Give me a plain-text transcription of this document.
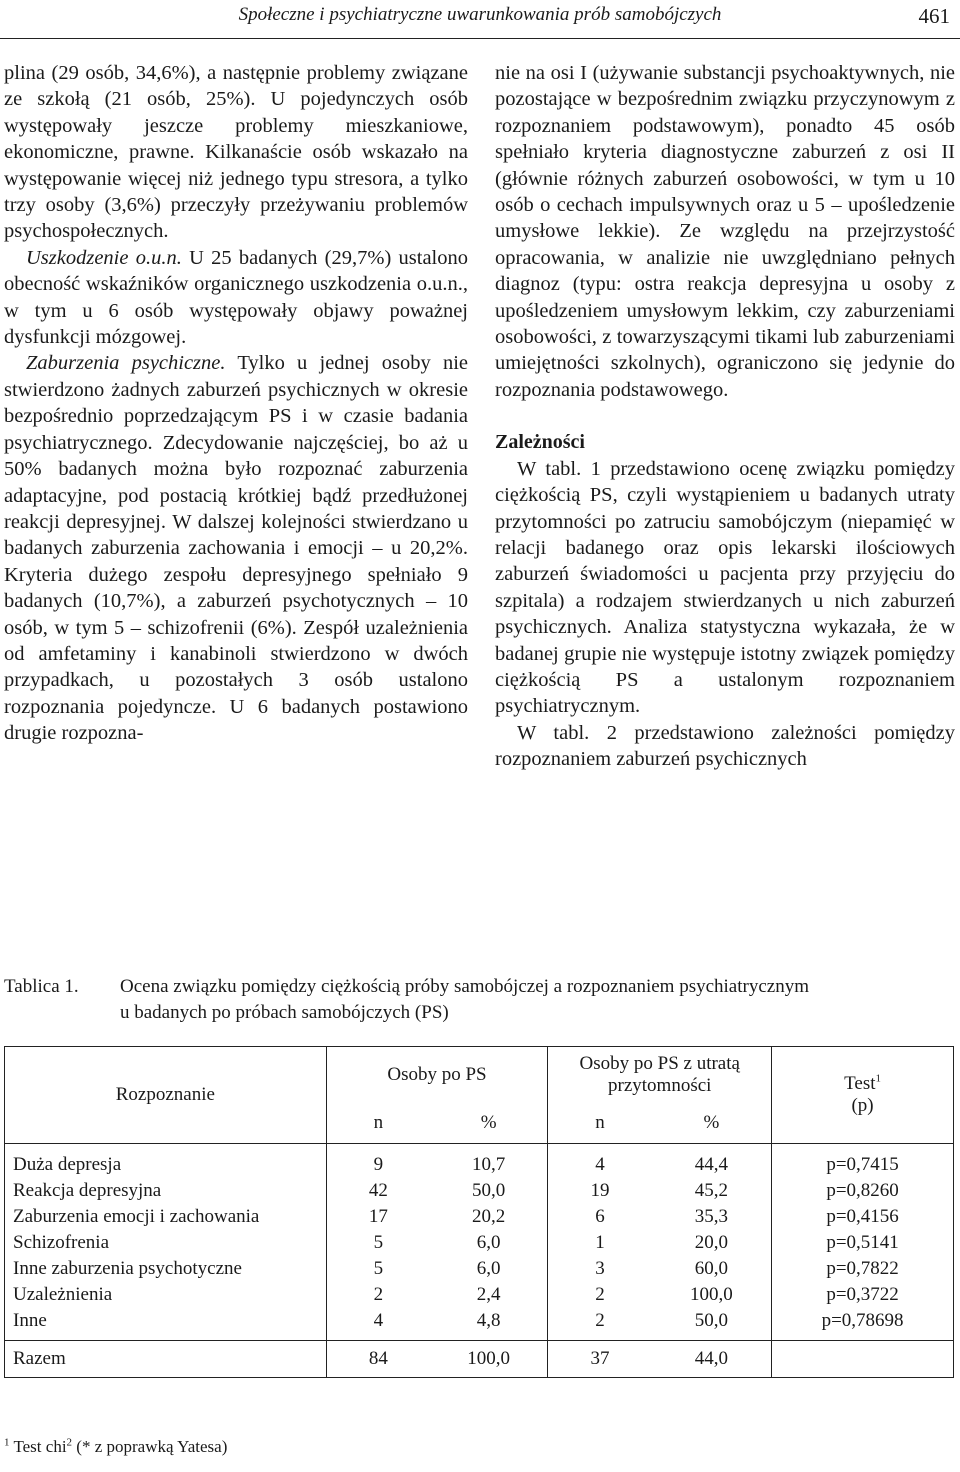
Społeczne i psychiatryczne uwarunkowania prób samobójczych	461

plina (29 osób, 34,6%), a następnie problemy związane ze szkołą (21 osób, 25%). U pojedynczych osób występowały jeszcze problemy mieszkaniowe, ekonomiczne, prawne. Kilkanaście osób wskazało na występowanie więcej niż jednego typu stresora, a tylko trzy osoby (3,6%) przeczyły przeżywaniu problemów psychospołecznych.

Uszkodzenie o.u.n. U 25 badanych (29,7%) ustalono obecność wskaźników organicznego uszkodzenia o.u.n., w tym u 6 osób występowały objawy poważnej dysfunkcji mózgowej.

Zaburzenia psychiczne. Tylko u jednej osoby nie stwierdzono żadnych zaburzeń psychicznych w okresie bezpośrednio poprzedzającym PS i w czasie badania psychiatrycznego. Zdecydowanie najczęściej, bo aż u 50% badanych można było rozpoznać zaburzenia adaptacyjne, pod postacią krótkiej bądź przedłużonej reakcji depresyjnej. W dalszej kolejności stwierdzano u badanych zaburzenia zachowania i emocji – u 20,2%. Kryteria dużego zespołu depresyjnego spełniało 9 badanych (10,7%), a zaburzeń psychotycznych – 10 osób, w tym 5 – schizofrenii (6%). Zespół uzależnienia od amfetaminy i kanabinoli stwierdzono w dwóch przypadkach, u pozostałych 3 osób ustalono rozpoznania pojedyncze. U 6 badanych postawiono drugie rozpozna-

nie na osi I (używanie substancji psychoaktywnych, nie pozostające w bezpośrednim związku przyczynowym z rozpoznaniem podstawowym), ponadto 45 osób spełniało kryteria diagnostyczne zaburzeń z osi II (głównie różnych zaburzeń osobowości, w tym u 10 osób o cechach impulsywnych oraz u 5 – upośledzenie umysłowe lekkie). Ze względu na przejrzystość opracowania, w analizie nie uwzględniano pełnych diagnoz (typu: ostra reakcja depresyjna u osoby z upośledzeniem umysłowym lekkim, czy zaburzeniami osobowości, z towarzyszącymi tikami lub zaburzeniami umiejętności szkolnych), ograniczono się jedynie do rozpoznania podstawowego.

Zależności

W tabl. 1 przedstawiono ocenę związku pomiędzy ciężkością PS, czyli wystąpieniem u badanych utraty przytomności po zatruciu samobójczym (niepamięć w relacji badanego oraz opis lekarski ilościowych zaburzeń świadomości u pacjenta przy przyjęciu do szpitala) a rodzajem stwierdzanych u nich zaburzeń psychicznych. Analiza statystyczna wykazała, że w badanej grupie nie występuje istotny związek pomiędzy ciężkością PS a ustalonym rozpoznaniem psychiatrycznym.

W tabl. 2 przedstawiono zależności pomiędzy rozpoznaniem zaburzeń psychicznych

Tablica 1. Ocena związku pomiędzy ciężkością próby samobójczej a rozpoznaniem psychiatrycznym
u badanych po próbach samobójczych (PS)
Rozpoznanie	Osoby po PS		Osoby po PS z utratą przytomności		Test$^1$
(p)
	n	%	n	%	
Duża depresja	9	10,7	4	44,4	p=0,7415
Reakcja depresyjna	42	50,0	19	45,2	p=0,8260
Zaburzenia emocji i zachowania	17	20,2	6	35,3	p=0,4156
Schizofrenia	5	6,0	1	20,0	p=0,5141
Inne zaburzenia psychotyczne	5	6,0	3	60,0	p=0,7822
Uzależnienia	2	2,4	2	100,0	p=0,3722
Inne	4	4,8	2	50,0	p=0,78698
Razem	84	100,0	37	44,0	
$^1$ Test chi$^2$ (* z poprawką Yatesa)
